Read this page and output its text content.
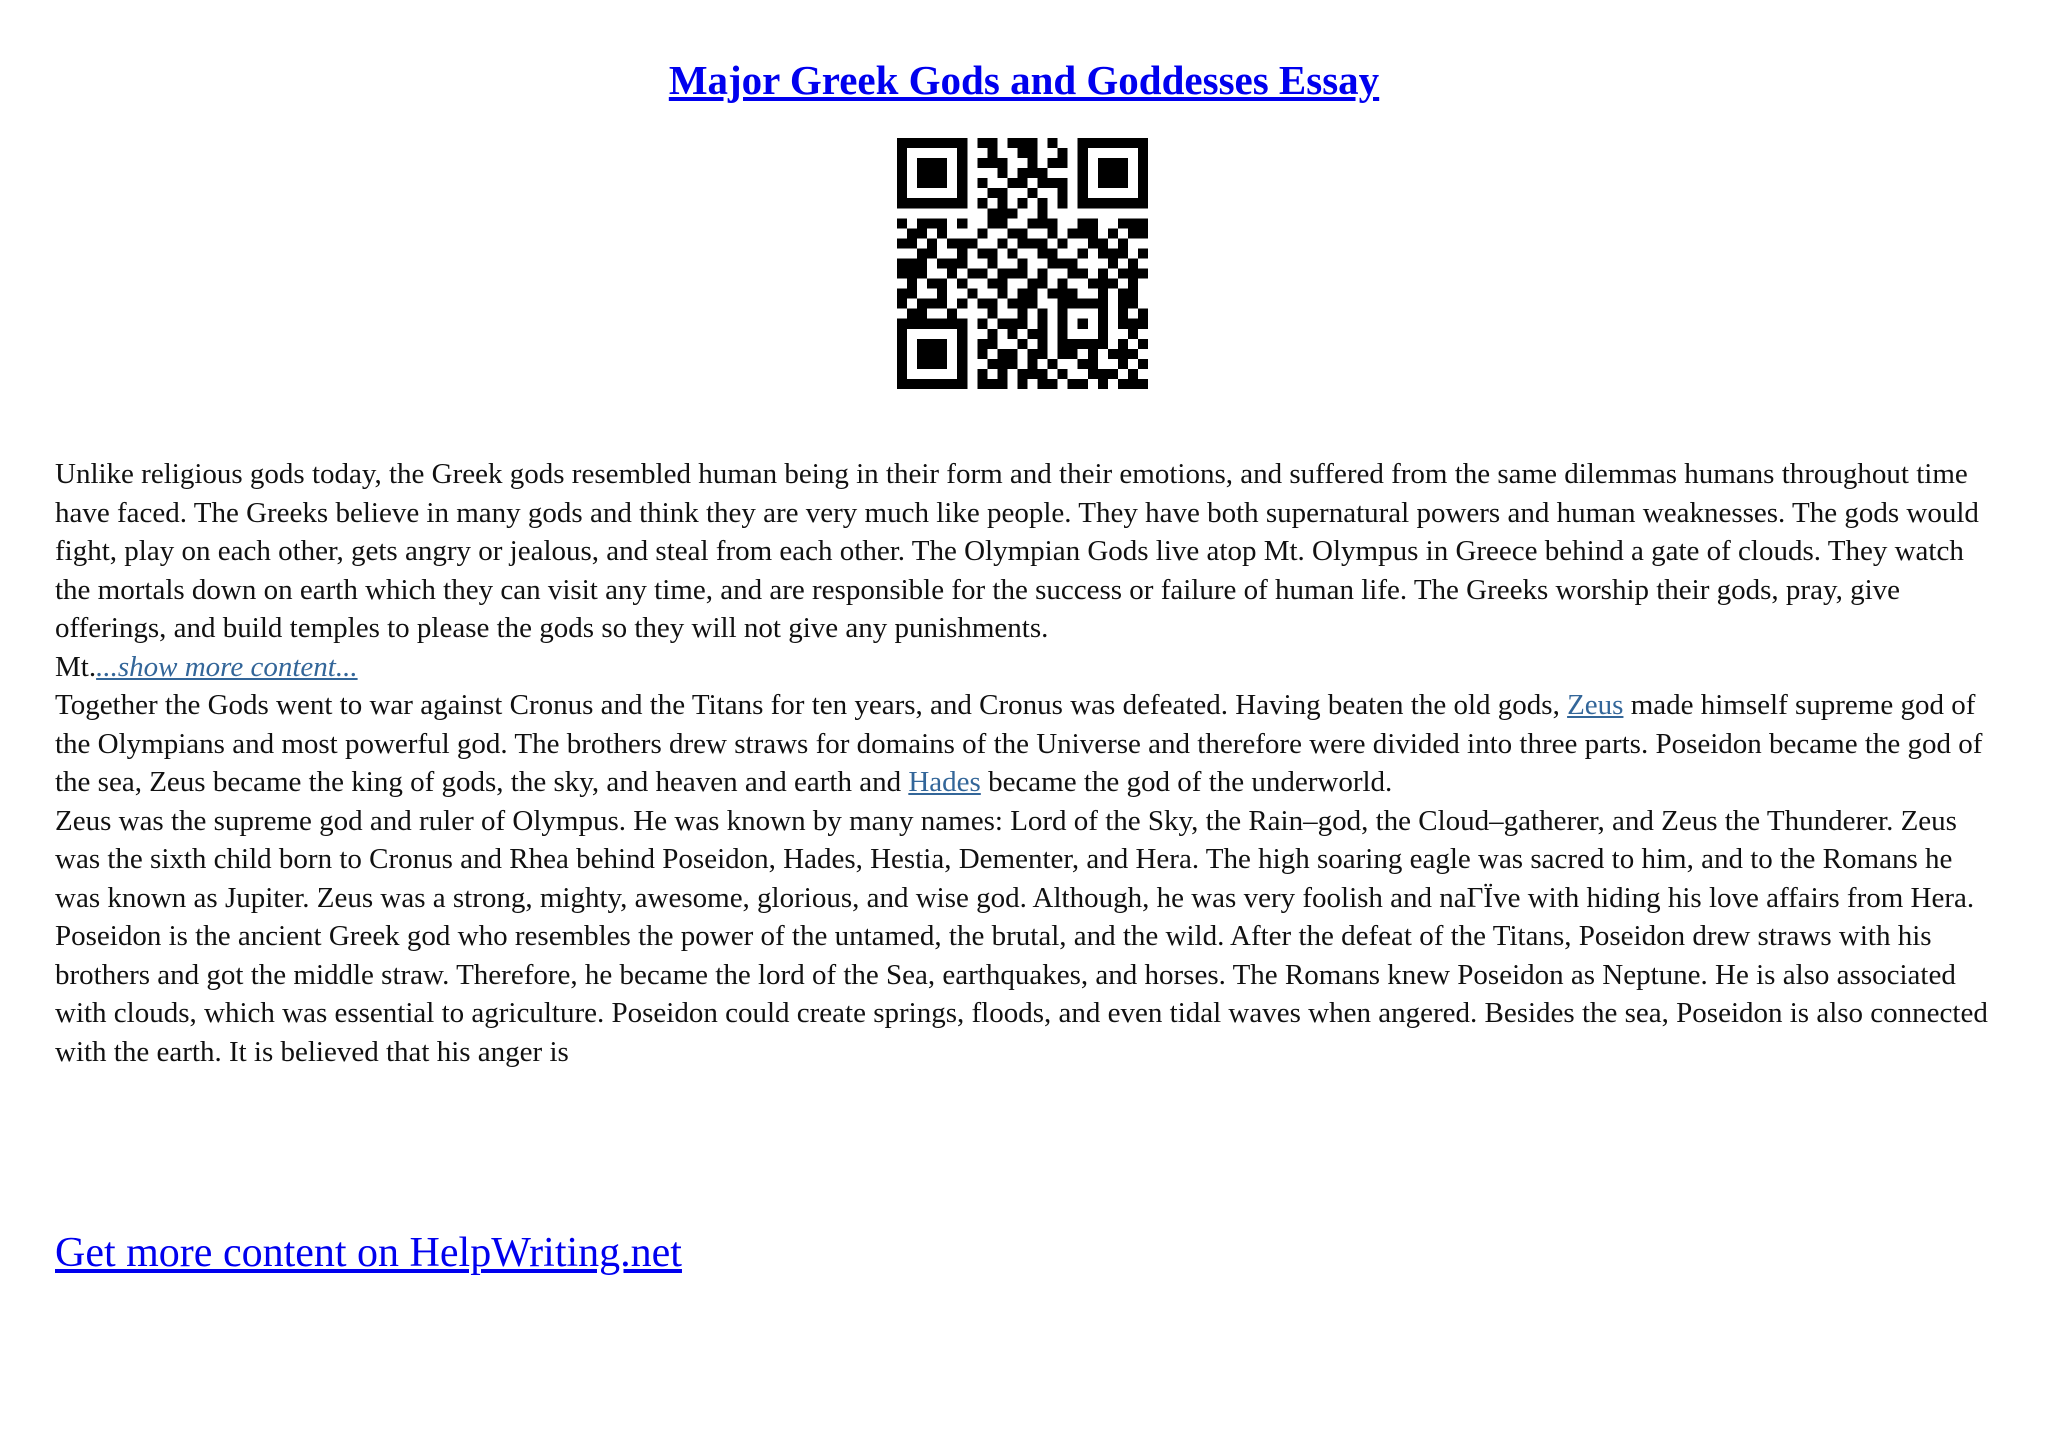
Major Greek Gods and Goddesses Essay

Unlike religious gods today, the Greek gods resembled human being in their form and their emotions, and suffered from the same dilemmas humans throughout time have faced. The Greeks believe in many gods and think they are very much like people. They have both supernatural powers and human weaknesses. The gods would fight, play on each other, gets angry or jealous, and steal from each other. The Olympian Gods live atop Mt. Olympus in Greece behind a gate of clouds. They watch the mortals down on earth which they can visit any time, and are responsible for the success or failure of human life. The Greeks worship their gods, pray, give offerings, and build temples to please the gods so they will not give any punishments.

Mt....show more content...

Together the Gods went to war against Cronus and the Titans for ten years, and Cronus was defeated. Having beaten the old gods, Zeus made himself supreme god of the Olympians and most powerful god. The brothers drew straws for domains of the Universe and therefore were divided into three parts. Poseidon became the god of the sea, Zeus became the king of gods, the sky, and heaven and earth and Hades became the god of the underworld.

Zeus was the supreme god and ruler of Olympus. He was known by many names: Lord of the Sky, the Rain–god, the Cloud–gatherer, and Zeus the Thunderer. Zeus was the sixth child born to Cronus and Rhea behind Poseidon, Hades, Hestia, Dementer, and Hera. The high soaring eagle was sacred to him, and to the Romans he was known as Jupiter. Zeus was a strong, mighty, awesome, glorious, and wise god. Although, he was very foolish and naΓЇve with hiding his love affairs from Hera.

Poseidon is the ancient Greek god who resembles the power of the untamed, the brutal, and the wild. After the defeat of the Titans, Poseidon drew straws with his brothers and got the middle straw. Therefore, he became the lord of the Sea, earthquakes, and horses. The Romans knew Poseidon as Neptune. He is also associated with clouds, which was essential to agriculture. Poseidon could create springs, floods, and even tidal waves when angered. Besides the sea, Poseidon is also connected with the earth. It is believed that his anger is

Get more content on HelpWriting.net
